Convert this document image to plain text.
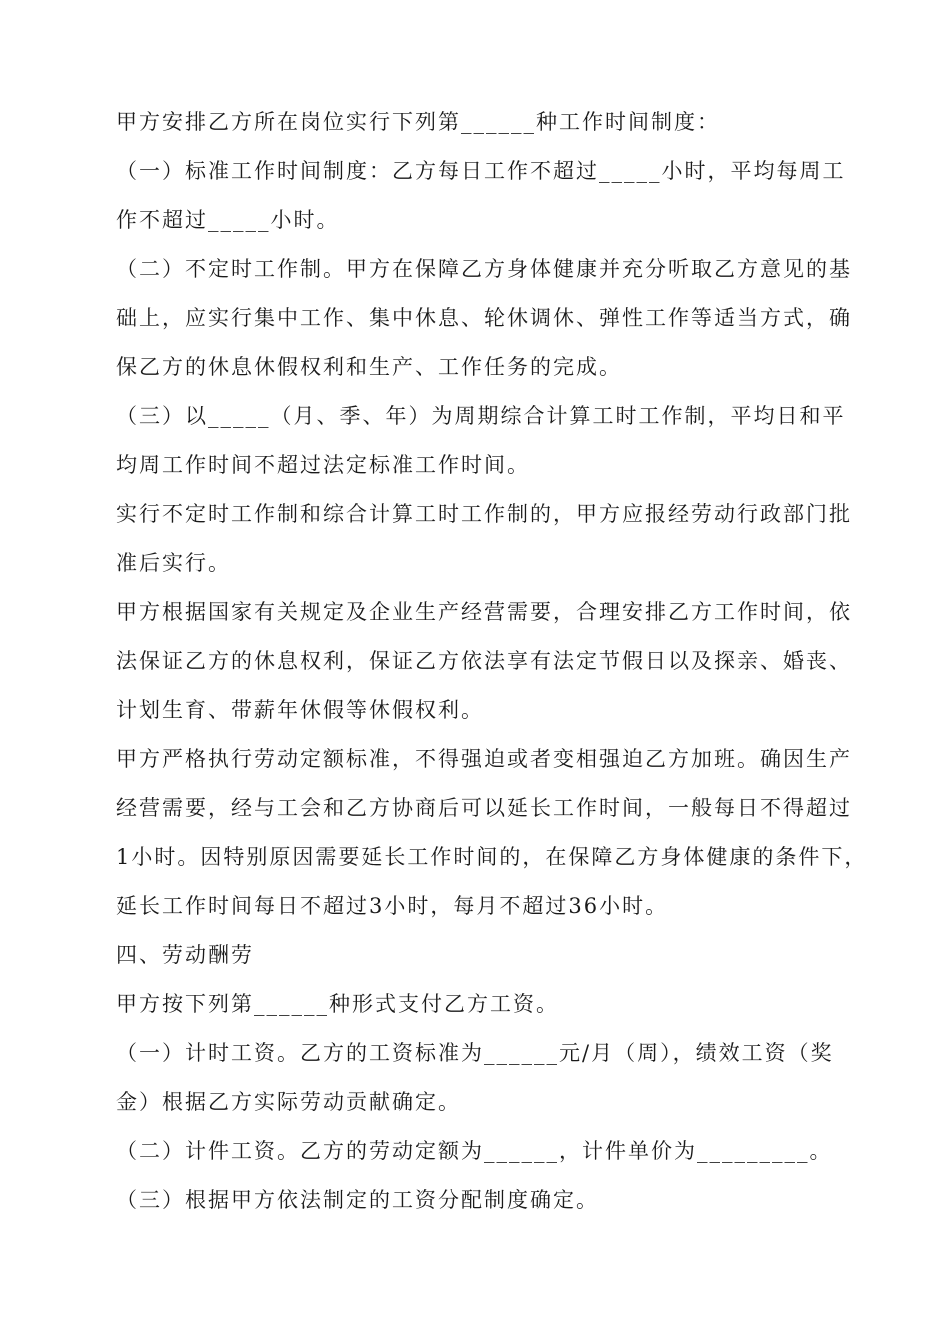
甲方安排乙方所在岗位实行下列第______种工作时间制度：
（一）标准工作时间制度：乙方每日工作不超过_____小时，平均每周工
作不超过_____小时。
（二）不定时工作制。甲方在保障乙方身体健康并充分听取乙方意见的基
础上，应实行集中工作、集中休息、轮休调休、弹性工作等适当方式，确
保乙方的休息休假权利和生产、工作任务的完成。
（三）以_____（月、季、年）为周期综合计算工时工作制，平均日和平
均周工作时间不超过法定标准工作时间。
实行不定时工作制和综合计算工时工作制的，甲方应报经劳动行政部门批
准后实行。
甲方根据国家有关规定及企业生产经营需要，合理安排乙方工作时间，依
法保证乙方的休息权利，保证乙方依法享有法定节假日以及探亲、婚丧、
计划生育、带薪年休假等休假权利。
甲方严格执行劳动定额标准，不得强迫或者变相强迫乙方加班。确因生产
经营需要，经与工会和乙方协商后可以延长工作时间，一般每日不得超过
1小时。因特别原因需要延长工作时间的，在保障乙方身体健康的条件下，
延长工作时间每日不超过3小时，每月不超过36小时。
四、劳动酬劳
甲方按下列第______种形式支付乙方工资。
（一）计时工资。乙方的工资标准为______元/月（周），绩效工资（奖
金）根据乙方实际劳动贡献确定。
（二）计件工资。乙方的劳动定额为______，计件单价为_________。
（三）根据甲方依法制定的工资分配制度确定。
